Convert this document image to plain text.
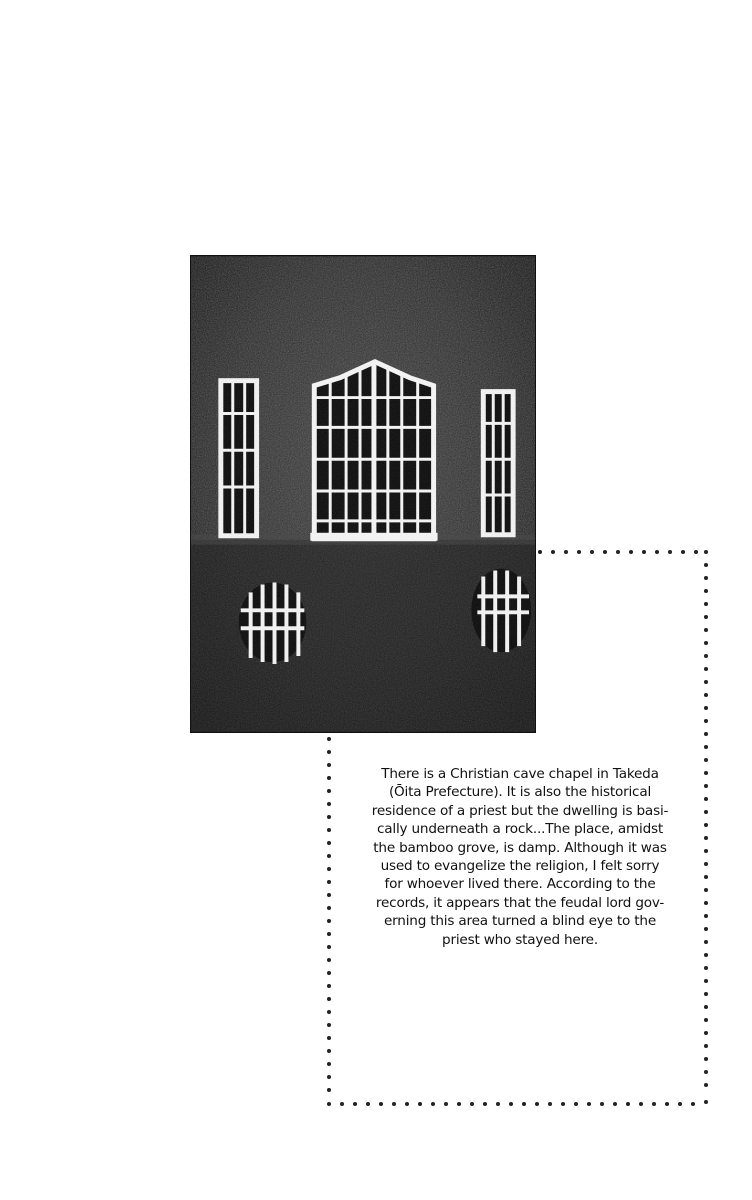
There is a Christian cave chapel in Takeda
(Ōita Prefecture). It is also the historical
residence of a priest but the dwelling is basi-
cally underneath a rock...The place, amidst
the bamboo grove, is damp. Although it was
used to evangelize the religion, I felt sorry
for whoever lived there. According to the
records, it appears that the feudal lord gov-
erning this area turned a blind eye to the
priest who stayed here.
